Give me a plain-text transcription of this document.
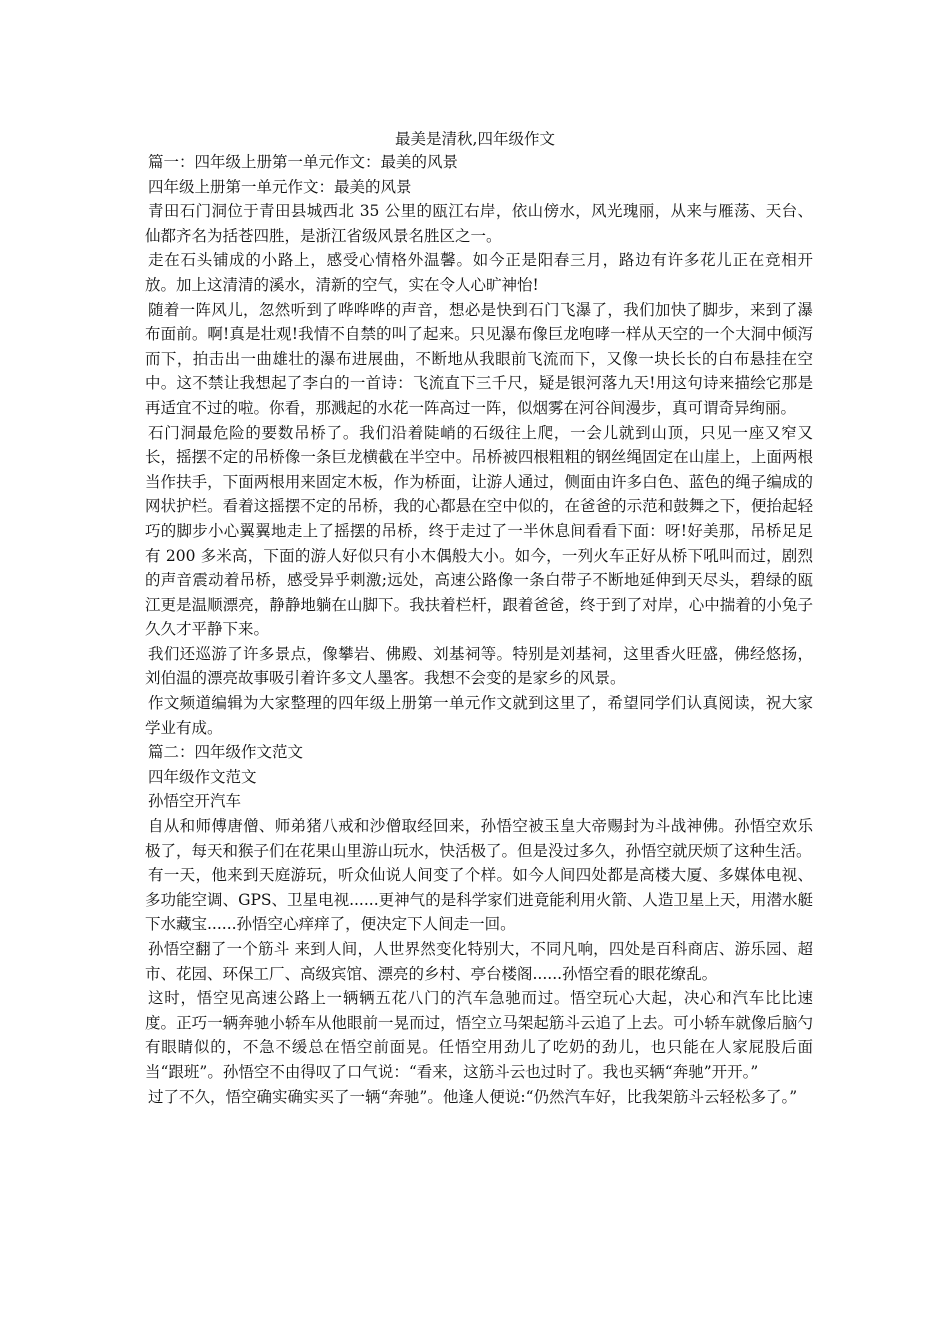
最美是清秋,四年级作文

篇一：四年级上册第一单元作文：最美的风景

四年级上册第一单元作文：最美的风景

青田石门洞位于青田县城西北 35 公里的瓯江右岸，依山傍水，风光瑰丽，从来与雁荡、天台、仙都齐名为括苍四胜，是浙江省级风景名胜区之一。

走在石头铺成的小路上，感受心情格外温馨。如今正是阳春三月，路边有许多花儿正在竞相开放。加上这清清的溪水，清新的空气，实在令人心旷神怡!

随着一阵风儿，忽然听到了哗哗哗的声音，想必是快到石门飞瀑了，我们加快了脚步，来到了瀑布面前。啊!真是壮观!我情不自禁的叫了起来。只见瀑布像巨龙咆哮一样从天空的一个大洞中倾泻而下，拍击出一曲雄壮的瀑布进展曲，不断地从我眼前飞流而下，又像一块长长的白布悬挂在空中。这不禁让我想起了李白的一首诗：飞流直下三千尺，疑是银河落九天!用这句诗来描绘它那是再适宜不过的啦。你看，那溅起的水花一阵高过一阵，似烟雾在河谷间漫步，真可谓奇异绚丽。

石门洞最危险的要数吊桥了。我们沿着陡峭的石级往上爬，一会儿就到山顶，只见一座又窄又长，摇摆不定的吊桥像一条巨龙横截在半空中。吊桥被四根粗粗的钢丝绳固定在山崖上，上面两根当作扶手，下面两根用来固定木板，作为桥面，让游人通过，侧面由许多白色、蓝色的绳子编成的网状护栏。看着这摇摆不定的吊桥，我的心都悬在空中似的，在爸爸的示范和鼓舞之下，便抬起轻巧的脚步小心翼翼地走上了摇摆的吊桥，终于走过了一半休息间看看下面：呀!好美那，吊桥足足有 200 多米高，下面的游人好似只有小木偶般大小。如今，一列火车正好从桥下吼叫而过，剧烈的声音震动着吊桥，感受异乎刺激;远处，高速公路像一条白带子不断地延伸到天尽头，碧绿的瓯江更是温顺漂亮，静静地躺在山脚下。我扶着栏杆，跟着爸爸，终于到了对岸，心中揣着的小兔子久久才平静下来。

我们还巡游了许多景点，像攀岩、佛殿、刘基祠等。特别是刘基祠，这里香火旺盛，佛经悠扬，刘伯温的漂亮故事吸引着许多文人墨客。我想不会变的是家乡的风景。

作文频道编辑为大家整理的四年级上册第一单元作文就到这里了，希望同学们认真阅读，祝大家学业有成。

篇二：四年级作文范文

四年级作文范文

孙悟空开汽车

自从和师傅唐僧、师弟猪八戒和沙僧取经回来，孙悟空被玉皇大帝赐封为斗战神佛。孙悟空欢乐极了，每天和猴子们在花果山里游山玩水，快活极了。但是没过多久，孙悟空就厌烦了这种生活。

有一天，他来到天庭游玩，听众仙说人间变了个样。如今人间四处都是高楼大厦、多媒体电视、多功能空调、GPS、卫星电视......更神气的是科学家们进竟能利用火箭、人造卫星上天，用潜水艇下水藏宝......孙悟空心痒痒了，便决定下人间走一回。

孙悟空翻了一个筋斗 来到人间，人世界然变化特别大，不同凡响，四处是百科商店、游乐园、超市、花园、环保工厂、高级宾馆、漂亮的乡村、亭台楼阁......孙悟空看的眼花缭乱。

这时，悟空见高速公路上一辆辆五花八门的汽车急驰而过。悟空玩心大起，决心和汽车比比速度。正巧一辆奔驰小轿车从他眼前一晃而过，悟空立马架起筋斗云追了上去。可小轿车就像后脑勺有眼睛似的，不急不缓总在悟空前面晃。任悟空用劲儿了吃奶的劲儿，也只能在人家屁股后面当“跟班”。孙悟空不由得叹了口气说：“看来，这筋斗云也过时了。我也买辆“奔驰”开开。”

过了不久，悟空确实确实买了一辆“奔驰”。他逢人便说:“仍然汽车好，比我架筋斗云轻松多了。”
